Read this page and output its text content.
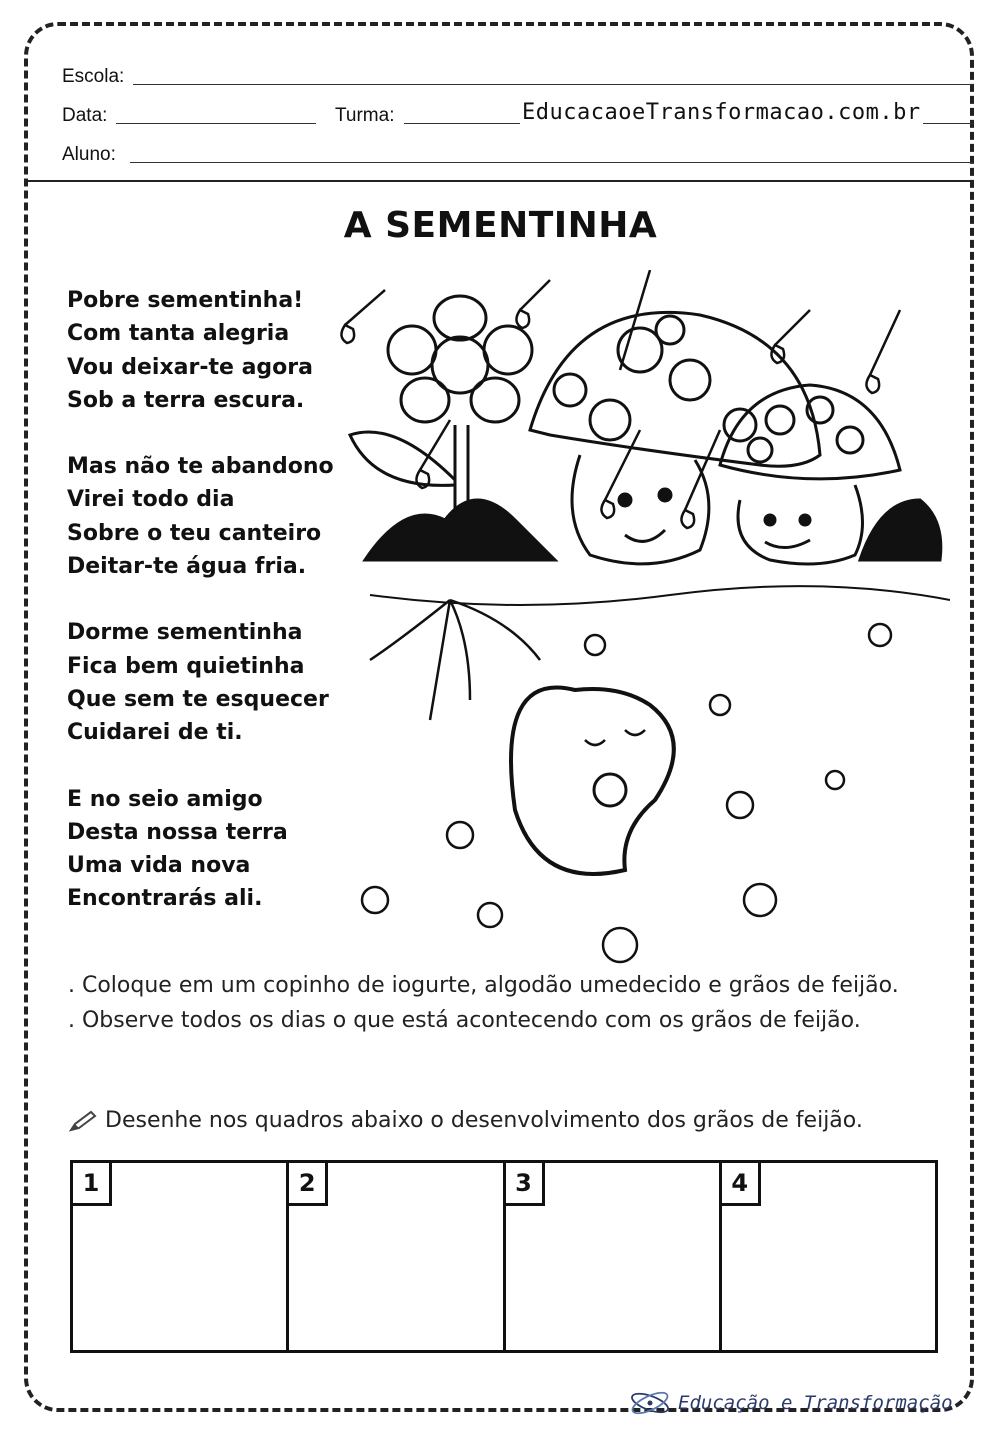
Escola:
Data:	Turma:	EducacaoeTransformacao.com.br
Aluno:
A SEMENTINHA
Pobre sementinha!
Com tanta alegria
Vou deixar-te agora
Sob a terra escura.
Mas não te abandono
Virei todo dia
Sobre o teu canteiro
Deitar-te água fria.
Dorme sementinha
Fica bem quietinha
Que sem te esquecer
Cuidarei de ti.
E no seio amigo
Desta nossa terra
Uma vida nova
Encontrarás ali.
. Coloque em um copinho de iogurte, algodão umedecido e grãos de feijão.
. Observe todos os dias o que está acontecendo com os grãos de feijão.
Desenhe nos quadros abaixo o desenvolvimento dos grãos de feijão.
1	2	3	4
Educação e Transformação
